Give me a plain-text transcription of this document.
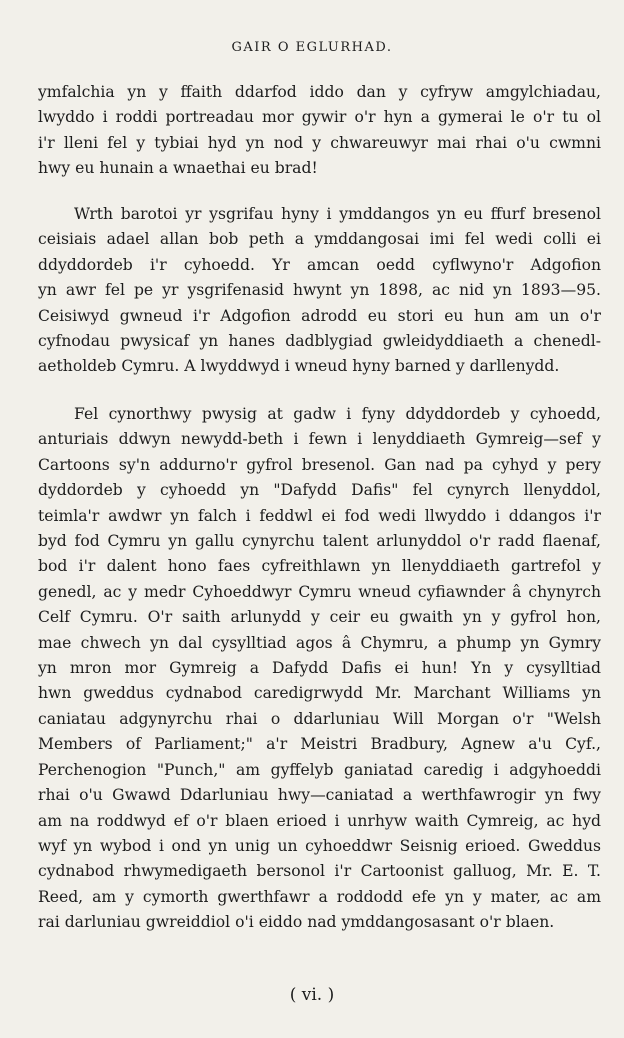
GAIR O EGLURHAD.
ymfalchia yn y ffaith ddarfod iddo dan y cyfryw amgylchiadau,
lwyddo i roddi portreadau mor gywir o'r hyn a gymerai le o'r tu ol
i'r lleni fel y tybiai hyd yn nod y chwareuwyr mai rhai o'u cwmni
hwy eu hunain a wnaethai eu brad!
Wrth barotoi yr ysgrifau hyny i ymddangos yn eu ffurf bresenol
ceisiais adael allan bob peth a ymddangosai imi fel wedi colli ei
ddyddordeb i'r cyhoedd. Yr amcan oedd cyflwyno'r Adgofion
yn awr fel pe yr ysgrifenasid hwynt yn 1898, ac nid yn 1893—95.
Ceisiwyd gwneud i'r Adgofion adrodd eu stori eu hun am un o'r
cyfnodau pwysicaf yn hanes dadblygiad gwleidyddiaeth a chenedl-
aetholdeb Cymru. A lwyddwyd i wneud hyny barned y darllenydd.
Fel cynorthwy pwysig at gadw i fyny ddyddordeb y cyhoedd,
anturiais ddwyn newydd-beth i fewn i lenyddiaeth Gymreig—sef y
Cartoons sy'n addurno'r gyfrol bresenol. Gan nad pa cyhyd y pery
dyddordeb y cyhoedd yn "Dafydd Dafis" fel cynyrch llenyddol,
teimla'r awdwr yn falch i feddwl ei fod wedi llwyddo i ddangos i'r
byd fod Cymru yn gallu cynyrchu talent arlunyddol o'r radd flaenaf,
bod i'r dalent hono faes cyfreithlawn yn llenyddiaeth gartrefol y
genedl, ac y medr Cyhoeddwyr Cymru wneud cyfiawnder â chynyrch
Celf Cymru. O'r saith arlunydd y ceir eu gwaith yn y gyfrol hon,
mae chwech yn dal cysylltiad agos â Chymru, a phump yn Gymry
yn mron mor Gymreig a Dafydd Dafis ei hun! Yn y cysylltiad
hwn gweddus cydnabod caredigrwydd Mr. Marchant Williams yn
caniatau adgynyrchu rhai o ddarluniau Will Morgan o'r "Welsh
Members of Parliament;" a'r Meistri Bradbury, Agnew a'u Cyf.,
Perchenogion "Punch," am gyffelyb ganiatad caredig i adgyhoeddi
rhai o'u Gwawd Ddarluniau hwy—caniatad a werthfawrogir yn fwy
am na roddwyd ef o'r blaen erioed i unrhyw waith Cymreig, ac hyd
wyf yn wybod i ond yn unig un cyhoeddwr Seisnig erioed. Gweddus
cydnabod rhwymedigaeth bersonol i'r Cartoonist galluog, Mr. E. T.
Reed, am y cymorth gwerthfawr a roddodd efe yn y mater, ac am
rai darluniau gwreiddiol o'i eiddo nad ymddangosasant o'r blaen.
( vi. )
